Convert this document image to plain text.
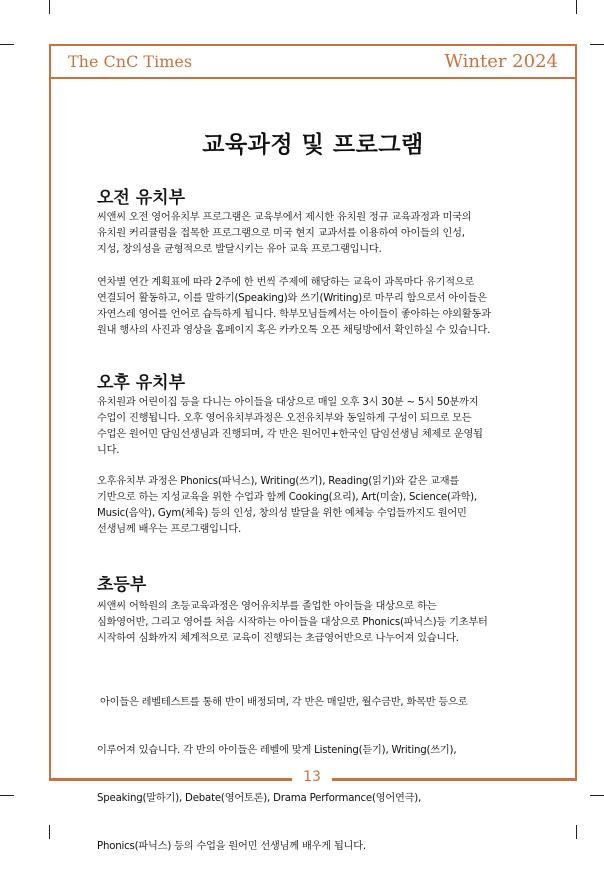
The CnC Times	Winter 2024
교육과정 및 프로그램
오전 유치부

씨앤씨 오전 영어유치부 프로그램은 교육부에서 제시한 유치원 정규 교육과정과 미국의
유치원 커리큘럼을 접목한 프로그램으로 미국 현지 교과서를 이용하여 아이들의 인성,
지성, 창의성을 균형적으로 발달시키는 유아 교육 프로그램입니다.

연차별 연간 계획표에 따라 2주에 한 번씩 주제에 해당하는 교육이 과목마다 유기적으로
연결되어 활동하고, 이를 말하기(Speaking)와 쓰기(Writing)로 마무리 함으로서 아이들은
자연스레 영어를 언어로 습득하게 됩니다. 학부모님들께서는 아이들이 좋아하는 야외활동과
원내 행사의 사진과 영상을 홈페이지 혹은 카카오톡 오픈 채팅방에서 확인하실 수 있습니다.

오후 유치부

유치원과 어린이집 등을 다니는 아이들을 대상으로 매일 오후 3시 30분 ~ 5시 50분까지
수업이 진행됩니다. 오후 영어유치부과정은 오전유치부와 동일하게 구성이 되므로 모든
수업은 원어민 담임선생님과 진행되며, 각 반은 원어민+한국인 담임선생님 체제로 운영됩
니다.

오후유치부 과정은 Phonics(파닉스), Writing(쓰기), Reading(읽기)와 같은 교재를
기반으로 하는 지성교육을 위한 수업과 함께 Cooking(요리), Art(미술), Science(과학),
Music(음악), Gym(체육) 등의 인성, 창의성 발달을 위한 예체능 수업들까지도 원어민
선생님께 배우는 프로그램입니다.

초등부

씨앤씨 어학원의 초등교육과정은 영어유치부를 졸업한 아이들을 대상으로 하는
심화영어반, 그리고 영어를 처음 시작하는 아이들을 대상으로 Phonics(파닉스)등 기초부터
시작하여 심화까지 체계적으로 교육이 진행되는 초급영어반으로 나누어져 있습니다.

아이들은 레벨테스트를 통해 반이 배정되며, 각 반은 매일반, 월수금반, 화목반 등으로

이루어져 있습니다. 각 반의 아이들은 레벨에 맞게 Listening(듣기), Writing(쓰기),

Speaking(말하기), Debate(영어토론), Drama Performance(영어연극),

Phonics(파닉스) 등의 수업을 원어민 선생님께 배우게 됩니다.

13
